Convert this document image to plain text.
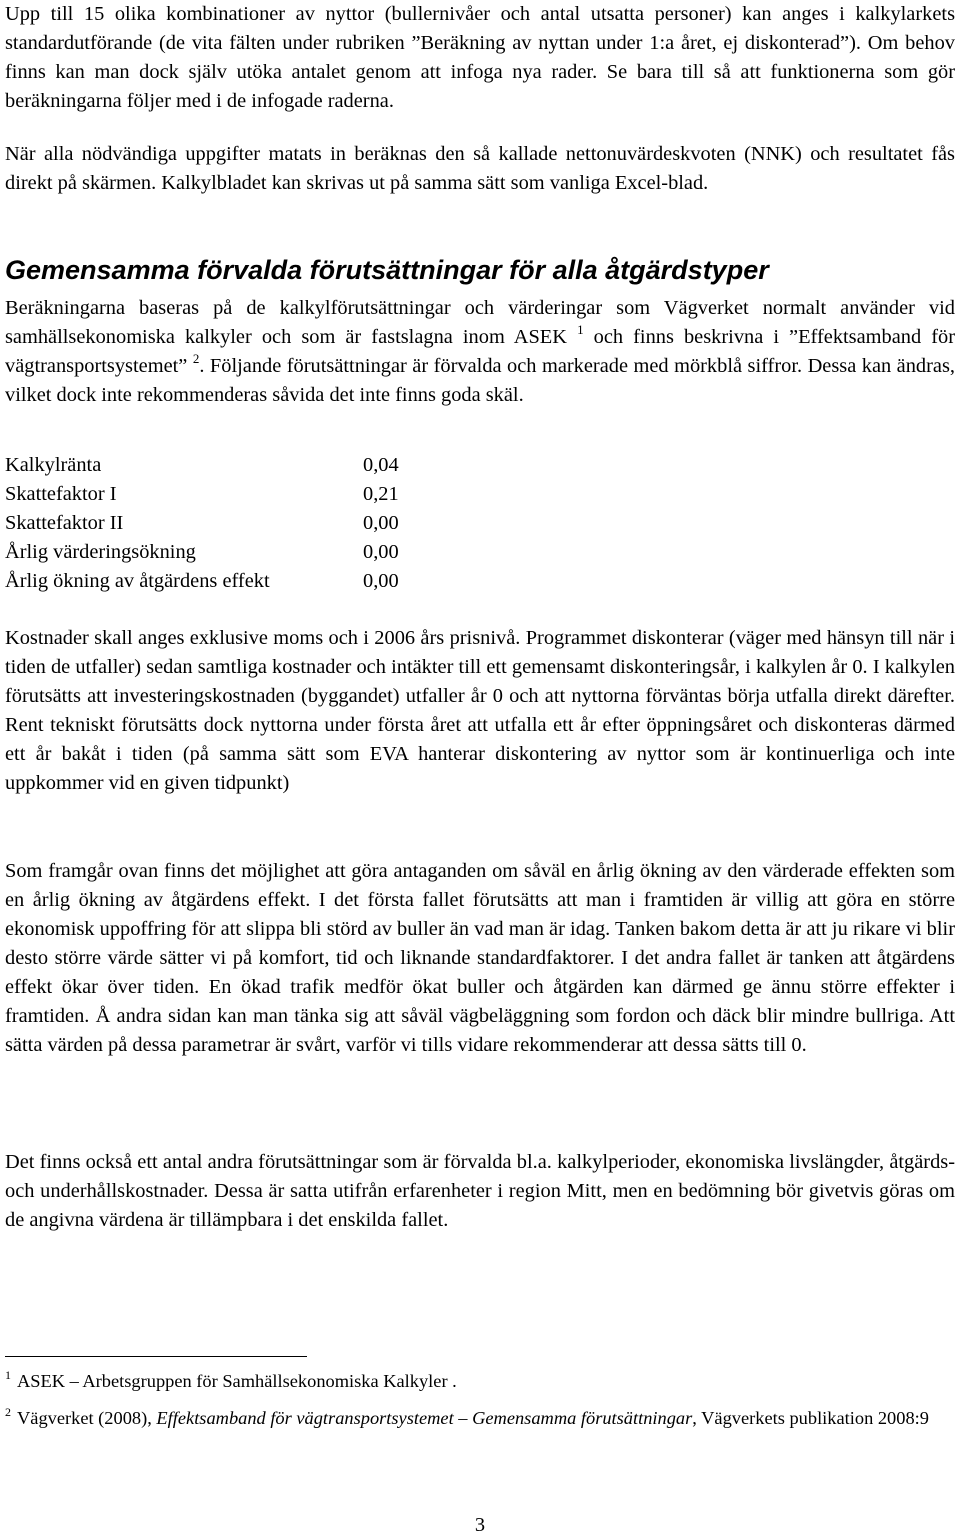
Upp till 15 olika kombinationer av nyttor (bullernivåer och antal utsatta personer) kan anges i kalkylarkets standardutförande (de vita fälten under rubriken ”Beräkning av nyttan under 1:a året, ej diskonterad”). Om behov finns kan man dock själv utöka antalet genom att infoga nya rader. Se bara till så att funktionerna som gör beräkningarna följer med i de infogade raderna.

När alla nödvändiga uppgifter matats in beräknas den så kallade nettonuvärdeskvoten (NNK) och resultatet fås direkt på skärmen. Kalkylbladet kan skrivas ut på samma sätt som vanliga Excel-blad.

Gemensamma förvalda förutsättningar för alla åtgärdstyper

Beräkningarna baseras på de kalkylförutsättningar och värderingar som Vägverket normalt använder vid samhällsekonomiska kalkyler och som är fastslagna inom ASEK $^1$ och finns beskrivna i ”Effektsamband för vägtransportsystemet” $^2$. Följande förutsättningar är förvalda och markerade med mörkblå siffror. Dessa kan ändras, vilket dock inte rekommenderas såvida det inte finns goda skäl.

Kalkylränta	0,04
Skattefaktor I	0,21
Skattefaktor II	0,00
Årlig värderingsökning	0,00
Årlig ökning av åtgärdens effekt	0,00

Kostnader skall anges exklusive moms och i 2006 års prisnivå. Programmet diskonterar (väger med hänsyn till när i tiden de utfaller) sedan samtliga kostnader och intäkter till ett gemensamt diskonteringsår, i kalkylen år 0. I kalkylen förutsätts att investeringskostnaden (byggandet) utfaller år 0 och att nyttorna förväntas börja utfalla direkt därefter. Rent tekniskt förutsätts dock nyttorna under första året att utfalla ett år efter öppningsåret och diskonteras därmed ett år bakåt i tiden (på samma sätt som EVA hanterar diskontering av nyttor som är kontinuerliga och inte uppkommer vid en given tidpunkt)

Som framgår ovan finns det möjlighet att göra antaganden om såväl en årlig ökning av den värderade effekten som en årlig ökning av åtgärdens effekt. I det första fallet förutsätts att man i framtiden är villig att göra en större ekonomisk uppoffring för att slippa bli störd av buller än vad man är idag. Tanken bakom detta är att ju rikare vi blir desto större värde sätter vi på komfort, tid och liknande standardfaktorer. I det andra fallet är tanken att åtgärdens effekt ökar över tiden. En ökad trafik medför ökat buller och åtgärden kan därmed ge ännu större effekter i framtiden. Å andra sidan kan man tänka sig att såväl vägbeläggning som fordon och däck blir mindre bullriga. Att sätta värden på dessa parametrar är svårt, varför vi tills vidare rekommenderar att dessa sätts till 0.

Det finns också ett antal andra förutsättningar som är förvalda bl.a. kalkylperioder, ekonomiska livslängder, åtgärds- och underhållskostnader. Dessa är satta utifrån erfarenheter i region Mitt, men en bedömning bör givetvis göras om de angivna värdena är tillämpbara i det enskilda fallet.

$^1$ ASEK – Arbetsgruppen för Samhällsekonomiska Kalkyler .
$^2$ Vägverket (2008), Effektsamband för vägtransportsystemet – Gemensamma förutsättningar, Vägverkets publikation 2008:9
3
